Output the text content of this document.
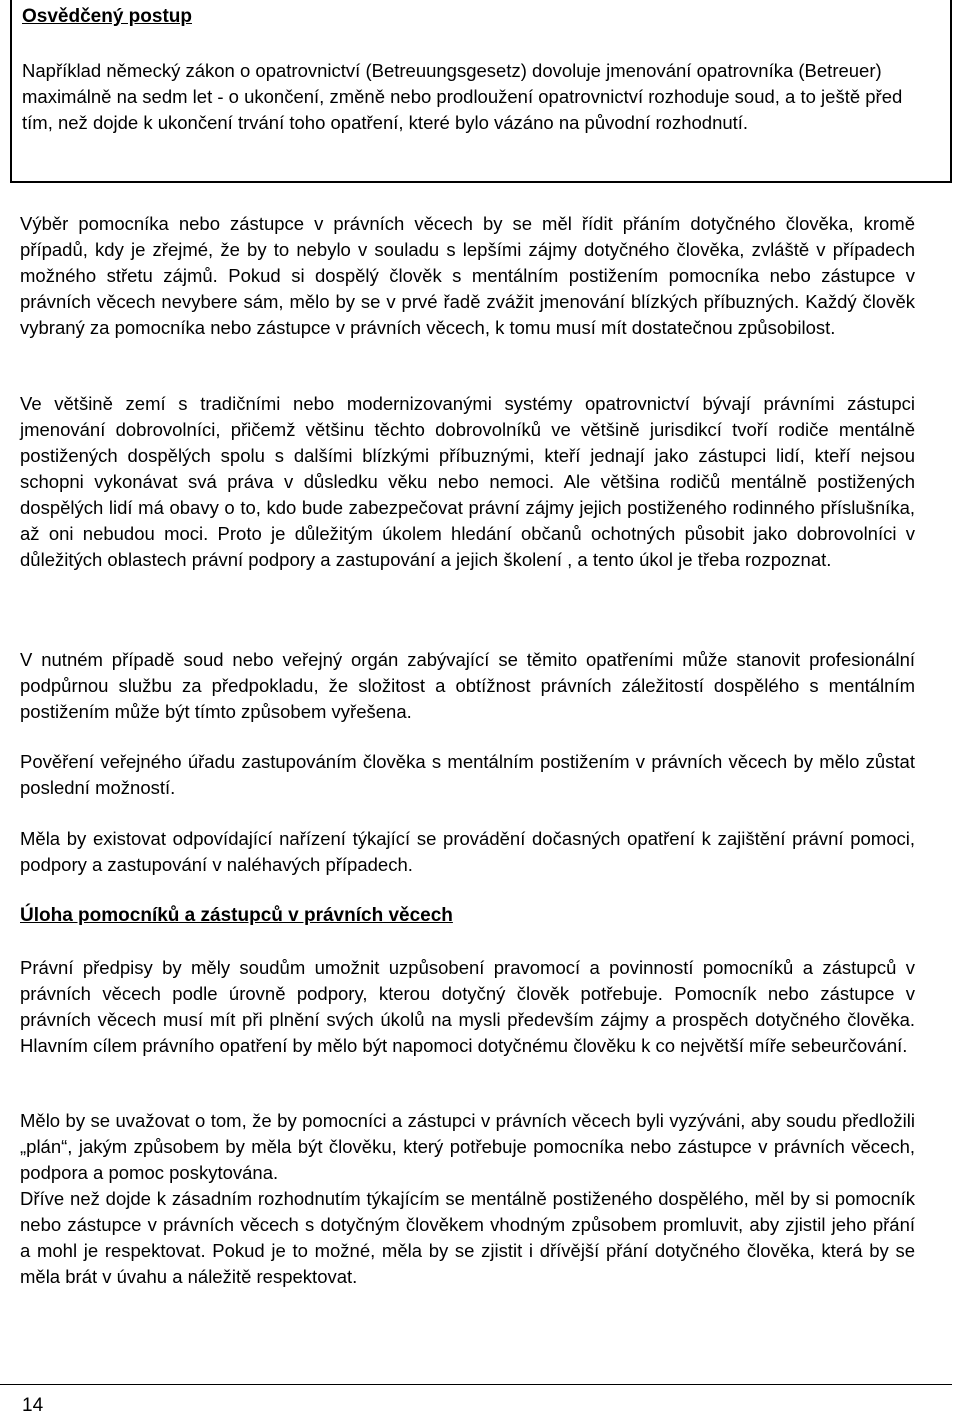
Osvědčený postup

Například německý zákon o opatrovnictví (Betreuungsgesetz) dovoluje jmenování opatrovníka (Betreuer) maximálně na sedm let - o ukončení, změně nebo prodloužení opatrovnictví rozhoduje soud, a to ještě před tím, než dojde k ukončení trvání toho opatření, které bylo vázáno na původní rozhodnutí.

Výběr pomocníka nebo zástupce v právních věcech by se měl řídit přáním dotyčného člověka, kromě případů, kdy je zřejmé, že by to nebylo v souladu s lepšími zájmy dotyčného člověka, zvláště v případech možného střetu zájmů. Pokud si dospělý člověk s mentálním postižením pomocníka nebo zástupce v právních věcech nevybere sám, mělo by se v prvé řadě zvážit jmenování blízkých příbuzných. Každý člověk vybraný za pomocníka nebo zástupce v právních věcech, k tomu musí mít dostatečnou způsobilost.

Ve většině zemí s tradičními nebo modernizovanými systémy opatrovnictví bývají právními zástupci jmenování dobrovolníci, přičemž většinu těchto dobrovolníků ve většině jurisdikcí tvoří rodiče mentálně postižených dospělých spolu s dalšími blízkými příbuznými, kteří jednají jako zástupci lidí, kteří nejsou schopni vykonávat svá práva v důsledku věku nebo nemoci. Ale většina rodičů mentálně postižených dospělých lidí má obavy o to, kdo bude zabezpečovat právní zájmy jejich postiženého rodinného příslušníka, až oni nebudou moci. Proto je důležitým úkolem hledání občanů ochotných působit jako dobrovolníci v důležitých oblastech právní podpory a zastupování a jejich školení , a tento úkol je třeba rozpoznat.

V nutném případě soud nebo veřejný orgán zabývající se těmito opatřeními může stanovit profesionální podpůrnou službu za předpokladu, že složitost a obtížnost právních záležitostí dospělého s mentálním postižením může být tímto způsobem vyřešena.

Pověření veřejného úřadu zastupováním člověka s mentálním postižením v právních věcech by mělo zůstat poslední možností.

Měla by existovat odpovídající nařízení týkající se provádění dočasných opatření k zajištění právní pomoci, podpory a zastupování v naléhavých případech.

Úloha pomocníků a zástupců v právních věcech

Právní předpisy by měly soudům umožnit uzpůsobení pravomocí a povinností pomocníků a zástupců v právních věcech podle úrovně podpory, kterou dotyčný člověk potřebuje. Pomocník nebo zástupce v právních věcech musí mít při plnění svých úkolů na mysli především zájmy a prospěch dotyčného člověka. Hlavním cílem právního opatření by mělo být napomoci dotyčnému člověku k co největší míře sebeurčování.

Mělo by se uvažovat o tom, že by pomocníci a zástupci v právních věcech byli vyzýváni, aby soudu předložili „plán“, jakým způsobem by měla být člověku, který potřebuje pomocníka nebo zástupce v právních věcech, podpora a pomoc poskytována.

Dříve než dojde k zásadním rozhodnutím týkajícím se mentálně postiženého dospělého, měl by si pomocník nebo zástupce v právních věcech s dotyčným člověkem vhodným způsobem promluvit, aby zjistil jeho přání a mohl je respektovat. Pokud je to možné, měla by se zjistit i dřívější přání dotyčného člověka, která by se měla brát v úvahu a náležitě respektovat.

14
